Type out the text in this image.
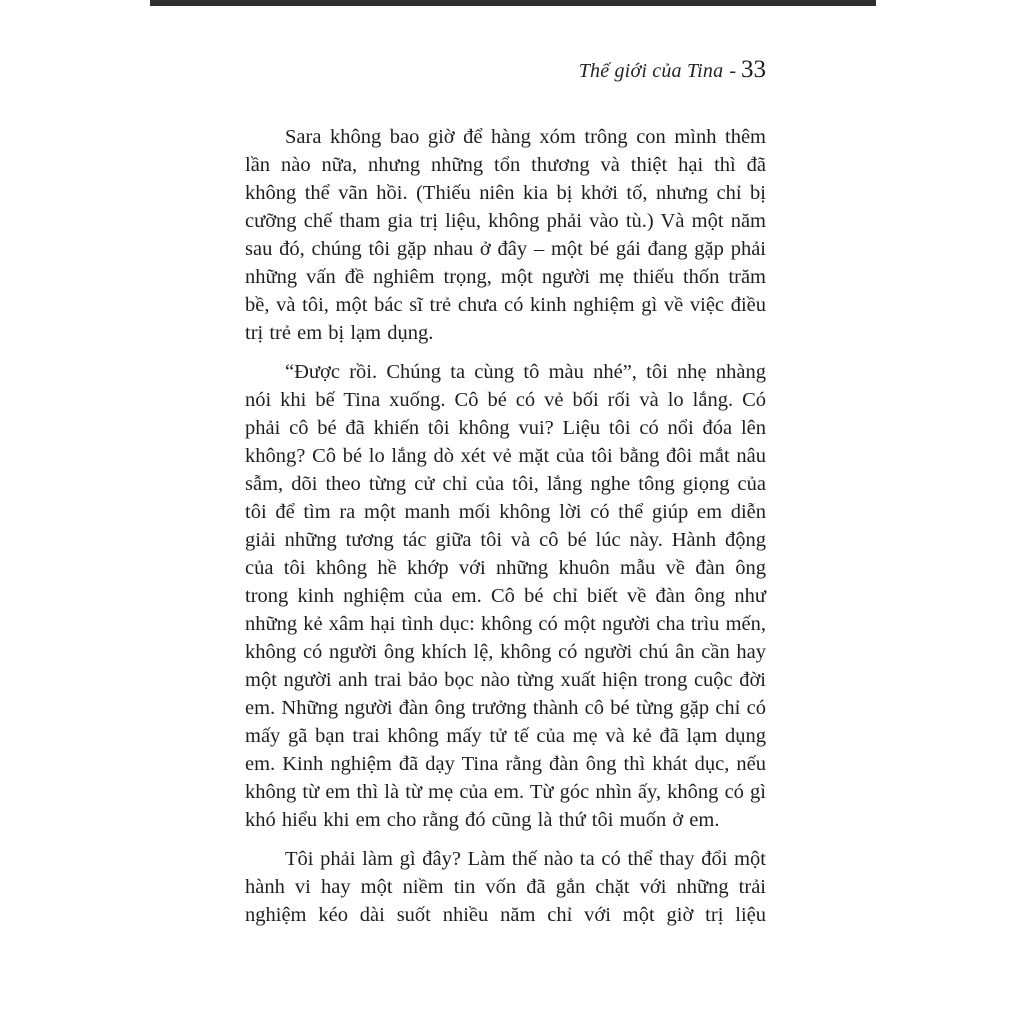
Thế giới của Tina - 33

Sara không bao giờ để hàng xóm trông con mình thêm lần nào nữa, nhưng những tổn thương và thiệt hại thì đã không thể vãn hồi. (Thiếu niên kia bị khởi tố, nhưng chỉ bị cưỡng chế tham gia trị liệu, không phải vào tù.) Và một năm sau đó, chúng tôi gặp nhau ở đây – một bé gái đang gặp phải những vấn đề nghiêm trọng, một người mẹ thiếu thốn trăm bề, và tôi, một bác sĩ trẻ chưa có kinh nghiệm gì về việc điều trị trẻ em bị lạm dụng.

“Được rồi. Chúng ta cùng tô màu nhé”, tôi nhẹ nhàng nói khi bế Tina xuống. Cô bé có vẻ bối rối và lo lắng. Có phải cô bé đã khiến tôi không vui? Liệu tôi có nổi đóa lên không? Cô bé lo lắng dò xét vẻ mặt của tôi bằng đôi mắt nâu sẫm, dõi theo từng cử chỉ của tôi, lắng nghe tông giọng của tôi để tìm ra một manh mối không lời có thể giúp em diễn giải những tương tác giữa tôi và cô bé lúc này. Hành động của tôi không hề khớp với những khuôn mẫu về đàn ông trong kinh nghiệm của em. Cô bé chỉ biết về đàn ông như những kẻ xâm hại tình dục: không có một người cha trìu mến, không có người ông khích lệ, không có người chú ân cần hay một người anh trai bảo bọc nào từng xuất hiện trong cuộc đời em. Những người đàn ông trưởng thành cô bé từng gặp chỉ có mấy gã bạn trai không mấy tử tế của mẹ và kẻ đã lạm dụng em. Kinh nghiệm đã dạy Tina rằng đàn ông thì khát dục, nếu không từ em thì là từ mẹ của em. Từ góc nhìn ấy, không có gì khó hiểu khi em cho rằng đó cũng là thứ tôi muốn ở em.

Tôi phải làm gì đây? Làm thế nào ta có thể thay đổi một hành vi hay một niềm tin vốn đã gắn chặt với những trải nghiệm kéo dài suốt nhiều năm chỉ với một giờ trị liệu
